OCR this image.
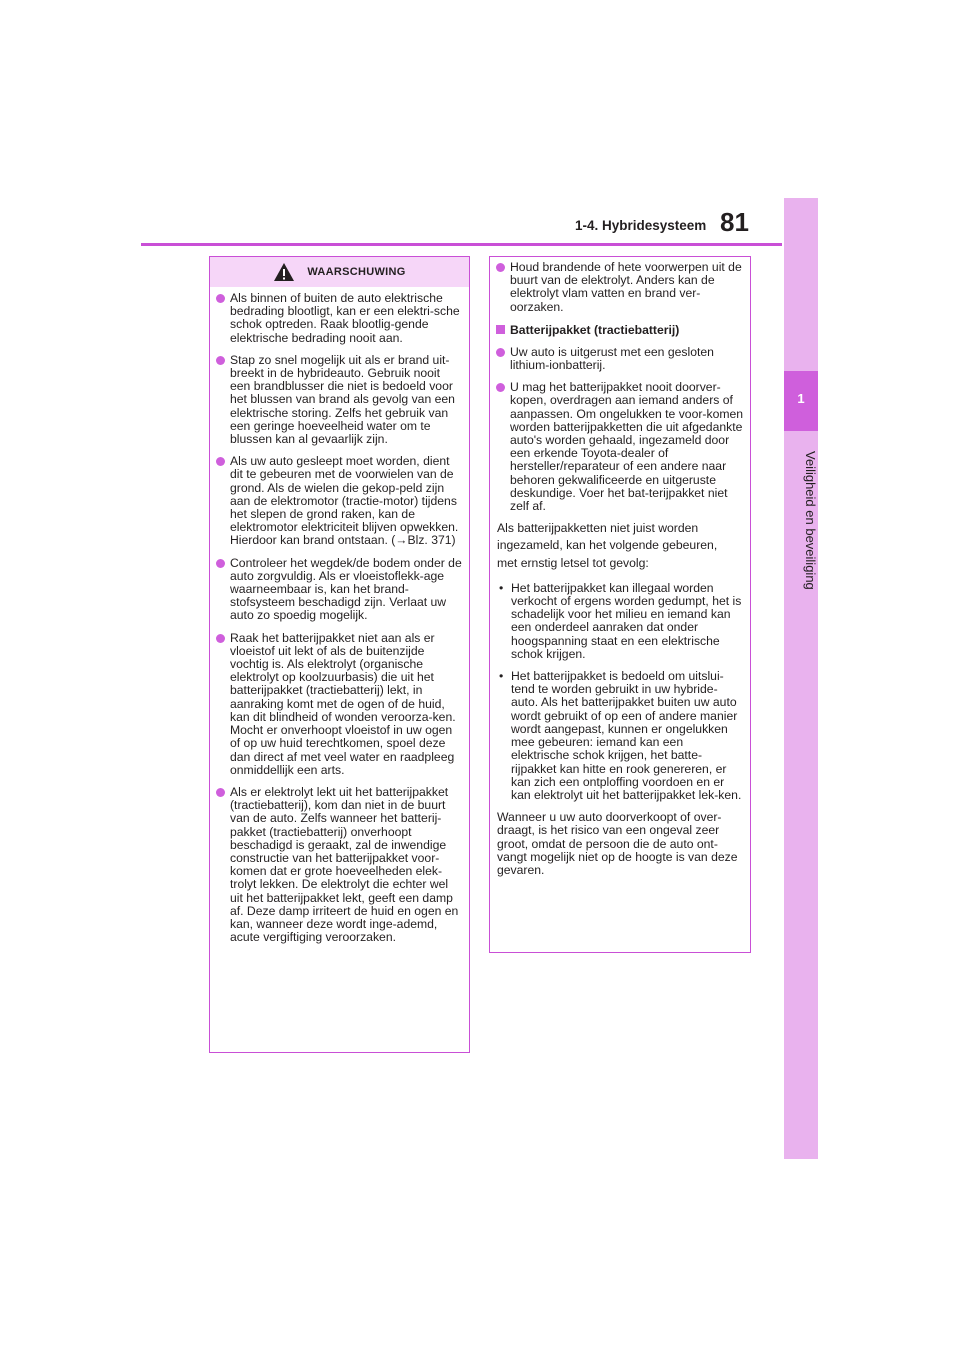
81
1-4. Hybridesysteem
1
Veiligheid en beveiliging
WAARSCHUWING
Als binnen of buiten de auto elektrische bedrading blootligt, kan er een elektri-sche schok optreden. Raak blootlig-gende elektrische bedrading nooit aan.
Stap zo snel mogelijk uit als er brand uit-breekt in de hybrideauto. Gebruik nooit een brandblusser die niet is bedoeld voor het blussen van brand als gevolg van een elektrische storing. Zelfs het gebruik van een geringe hoeveelheid water om te blussen kan al gevaarlijk zijn.
Als uw auto gesleept moet worden, dient dit te gebeuren met de voorwielen van de grond. Als de wielen die gekop-peld zijn aan de elektromotor (tractie-motor) tijdens het slepen de grond raken, kan de elektromotor elektriciteit blijven opwekken. Hierdoor kan brand ontstaan. (→Blz. 371)
Controleer het wegdek/de bodem onder de auto zorgvuldig. Als er vloeistoflekk-age waarneembaar is, kan het brand-stofsysteem beschadigd zijn. Verlaat uw auto zo spoedig mogelijk.
Raak het batterijpakket niet aan als er vloeistof uit lekt of als de buitenzijde vochtig is. Als elektrolyt (organische elektrolyt op koolzuurbasis) die uit het batterijpakket (tractiebatterij) lekt, in aanraking komt met de ogen of de huid, kan dit blindheid of wonden veroorza-ken. Mocht er onverhoopt vloeistof in uw ogen of op uw huid terechtkomen, spoel deze dan direct af met veel water en raadpleeg onmiddellijk een arts.
Als er elektrolyt lekt uit het batterijpakket (tractiebatterij), kom dan niet in de buurt van de auto. Zelfs wanneer het batterij-pakket (tractiebatterij) onverhoopt beschadigd is geraakt, zal de inwendige constructie van het batterijpakket voor-komen dat er grote hoeveelheden elek-trolyt lekken. De elektrolyt die echter wel uit het batterijpakket lekt, geeft een damp af. Deze damp irriteert de huid en ogen en kan, wanneer deze wordt inge-ademd, acute vergiftiging veroorzaken.
Houd brandende of hete voorwerpen uit de buurt van de elektrolyt. Anders kan de elektrolyt vlam vatten en brand ver-oorzaken.
Batterijpakket (tractiebatterij)
Uw auto is uitgerust met een gesloten lithium-ionbatterij.
U mag het batterijpakket nooit doorver-kopen, overdragen aan iemand anders of aanpassen. Om ongelukken te voor-komen worden batterijpakketten die uit afgedankte auto's worden gehaald, ingezameld door een erkende Toyota-dealer of hersteller/reparateur of een andere naar behoren gekwalificeerde en uitgeruste deskundige. Voer het bat-terijpakket niet zelf af.

Als batterijpakketten niet juist worden

ingezameld, kan het volgende gebeuren,

met ernstig letsel tot gevolg:

• Het batterijpakket kan illegaal worden verkocht of ergens worden gedumpt, het is schadelijk voor het milieu en iemand kan een onderdeel aanraken dat onder hoogspanning staat en een elektrische schok krijgen.
• Het batterijpakket is bedoeld om uitslui-tend te worden gebruikt in uw hybride-auto. Als het batterijpakket buiten uw auto wordt gebruikt of op een of andere manier wordt aangepast, kunnen er ongelukken mee gebeuren: iemand kan een elektrische schok krijgen, het batte-rijpakket kan hitte en rook genereren, er kan zich een ontploffing voordoen en er kan elektrolyt uit het batterijpakket lek-ken.

Wanneer u uw auto doorverkoopt of over-draagt, is het risico van een ongeval zeer groot, omdat de persoon die de auto ont-vangt mogelijk niet op de hoogte is van deze gevaren.
